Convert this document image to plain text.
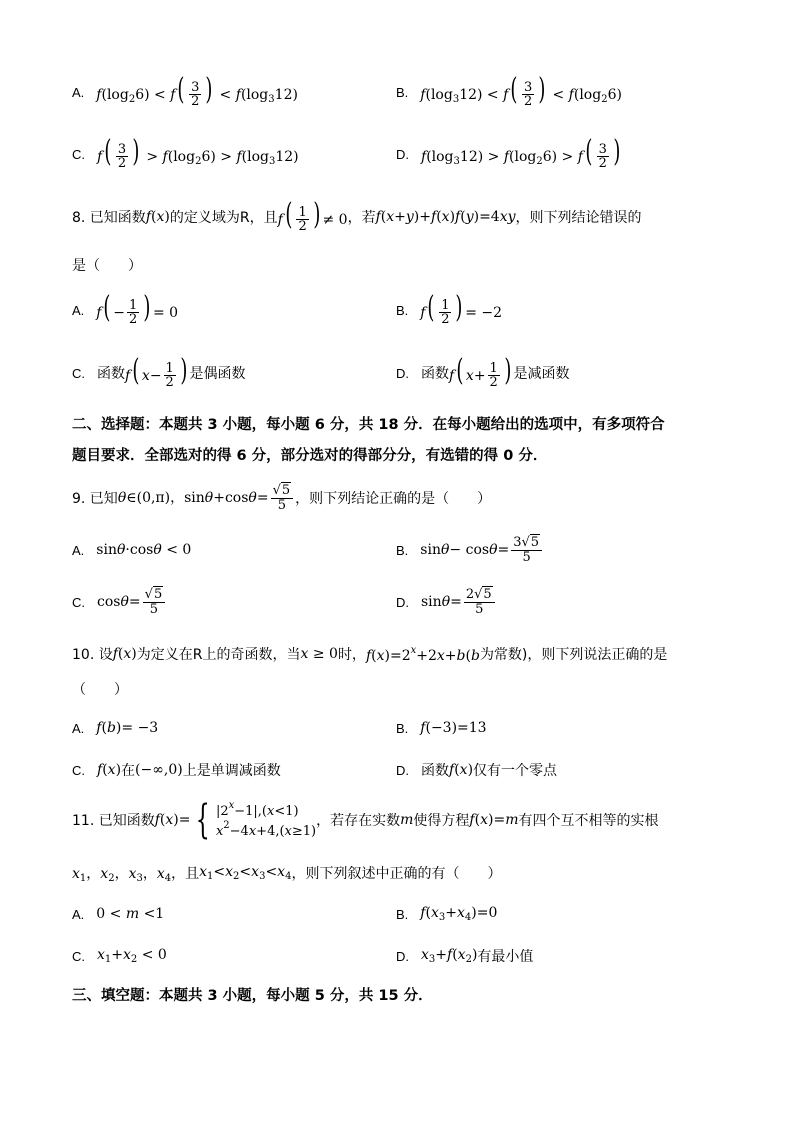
A. $f(\log_26) < f( \frac{3}{2}$ ) < $f(\log_312)$	B. $f(\log_312) < f( \frac{3}{2}$ ) < $f(\log_26)$
C. $f( \frac{3}{2}$ ) > $f(\log_26) > f(\log_312)$	D. $f(\log_312) > f(\log_26) > f( \frac{3}{2}$ )
8. 已知函数 f(x) 的定义域为R，且 $f( \frac{1}{2}$ ) ≠ 0 ，若 f(x+y)+f(x)f(y)=4xy ，则下列结论错误的
是（　　）
A. $f( - \frac{1}{2}$ ) = 0	B. $f( \frac{1}{2}$ ) = −2
C. 函数 f( $x- \frac{1}{2}$ ) 是偶函数	D. 函数 f( $x+ \frac{1}{2}$ ) 是减函数
二、选择题：本题共 3 小题，每小题 6 分，共 18 分．在每小题给出的选项中，有多项符合
题目要求．全部选对的得 6 分，部分选对的得部分分，有选错的得 0 分．
9. 已知 θ∈(0,π)，$\sin\theta+\cos\theta= \frac{√5}{5}$ ，则下列结论正确的是（　　）
A. sinθ·cosθ < 0	B. $\sin\theta- \cos\theta= \frac{3√5}{5}$
C. $\cos\theta= \frac{√5}{5}$	D. $\sin\theta= \frac{2√5}{5}$
10. 设 f(x) 为定义在R上的奇函数，当 x ≥ 0 时， $f(x)=2^x+2x+b(b$ 为常数)，则下列说法正确的是
（　　）
A. f(b)= −3	B. f(−3)=13
C. f(x) 在 (−∞,0) 上是单调减函数	D. 函数 f(x) 仅有一个零点
11. 已知函数 f(x)= { $|2^x-1|,(x<1)$
$x^2-4x+4,(x\ge 1)$
，若存在实数 m 使得方程 f(x)=m 有四个互不相等的实根
$x_1$，$x_2$，$x_3$，$x_4$ ，且 $x_1<x_2<x_3<x_4$ ，则下列叙述中正确的有（　　）
A. 0 < m <1	B. $f(x_3+x_4)=0$
C. $x_1+x_2 < 0$	D. $x_3+f(x_2)$ 有最小值
三、填空题：本题共 3 小题，每小题 5 分，共 15 分．
